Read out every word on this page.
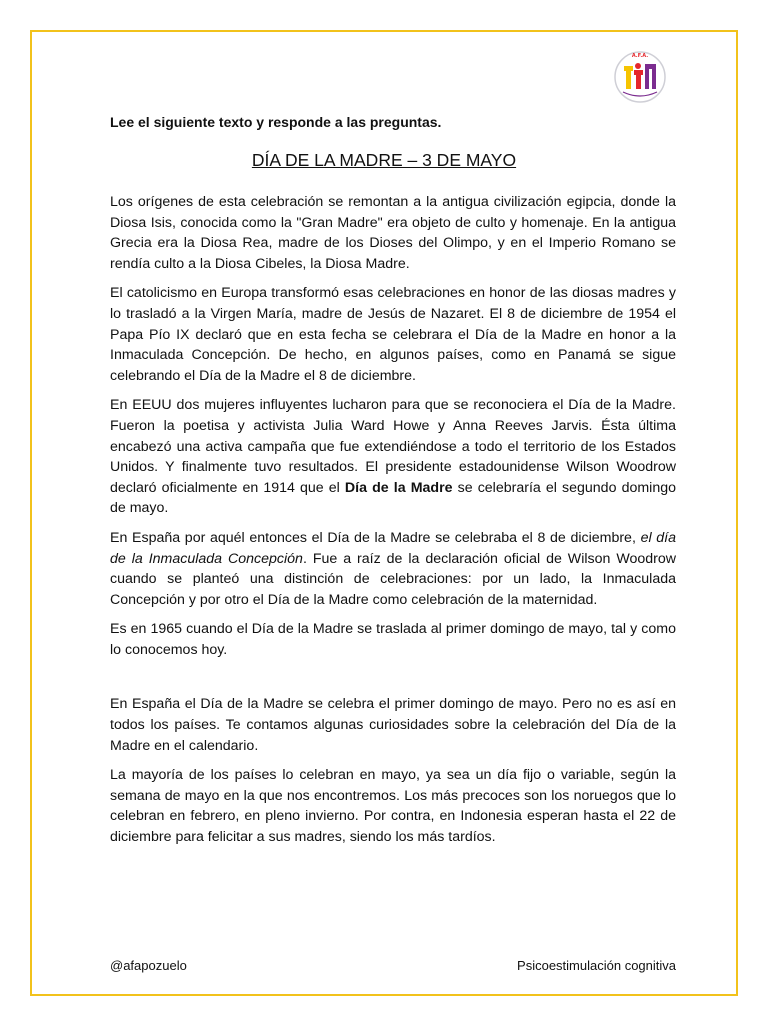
A.F.A.

Lee el siguiente texto y responde a las preguntas.

DÍA DE LA MADRE – 3 DE MAYO

Los orígenes de esta celebración se remontan a la antigua civilización egipcia, donde la Diosa Isis, conocida como la "Gran Madre" era objeto de culto y homenaje. En la antigua Grecia era la Diosa Rea, madre de los Dioses del Olimpo, y en el Imperio Romano se rendía culto a la Diosa Cibeles, la Diosa Madre.

El catolicismo en Europa transformó esas celebraciones en honor de las diosas madres y lo trasladó a la Virgen María, madre de Jesús de Nazaret. El 8 de diciembre de 1954 el Papa Pío IX declaró que en esta fecha se celebrara el Día de la Madre en honor a la Inmaculada Concepción. De hecho, en algunos países, como en Panamá se sigue celebrando el Día de la Madre el 8 de diciembre.

En EEUU dos mujeres influyentes lucharon para que se reconociera el Día de la Madre. Fueron la poetisa y activista Julia Ward Howe y Anna Reeves Jarvis. Ésta última encabezó una activa campaña que fue extendiéndose a todo el territorio de los Estados Unidos. Y finalmente tuvo resultados. El presidente estadounidense Wilson Woodrow declaró oficialmente en 1914 que el Día de la Madre se celebraría el segundo domingo de mayo.

En España por aquél entonces el Día de la Madre se celebraba el 8 de diciembre, el día de la Inmaculada Concepción. Fue a raíz de la declaración oficial de Wilson Woodrow cuando se planteó una distinción de celebraciones: por un lado, la Inmaculada Concepción y por otro el Día de la Madre como celebración de la maternidad.

Es en 1965 cuando el Día de la Madre se traslada al primer domingo de mayo, tal y como lo conocemos hoy.

En España el Día de la Madre se celebra el primer domingo de mayo. Pero no es así en todos los países. Te contamos algunas curiosidades sobre la celebración del Día de la Madre en el calendario.

La mayoría de los países lo celebran en mayo, ya sea un día fijo o variable, según la semana de mayo en la que nos encontremos. Los más precoces son los noruegos que lo celebran en febrero, en pleno invierno. Por contra, en Indonesia esperan hasta el 22 de diciembre para felicitar a sus madres, siendo los más tardíos.

@afapozuelo	Psicoestimulación cognitiva
